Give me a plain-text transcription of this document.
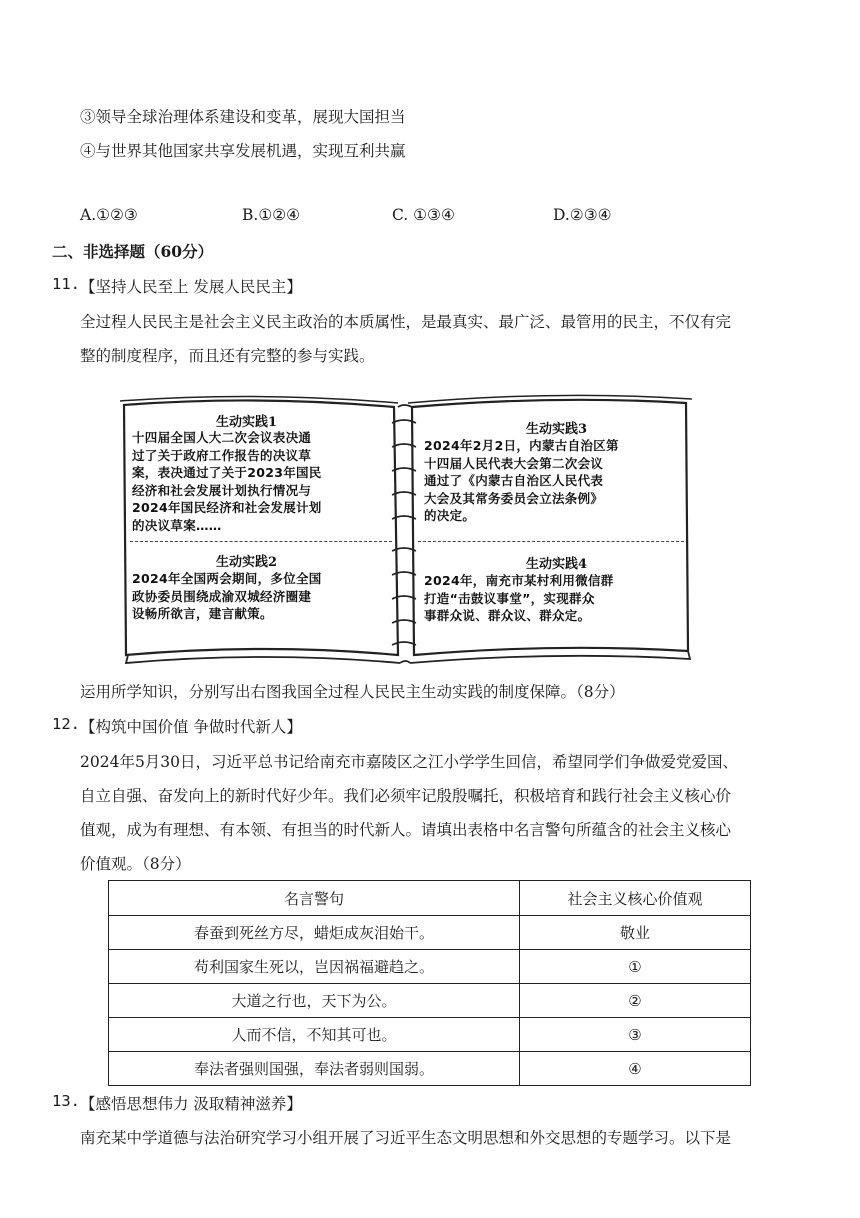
③领导全球治理体系建设和变革，展现大国担当
④与世界其他国家共享发展机遇，实现互利共赢
A.①②③	B.①②④	C. ①③④	D.②③④
二、非选择题（60分）
11. 【坚持人民至上 发展人民民主】
全过程人民民主是社会主义民主政治的本质属性，是最真实、最广泛、最管用的民主，不仅有完
整的制度程序，而且还有完整的参与实践。
生动实践1
十四届全国人大二次会议表决通
过了关于政府工作报告的决议草
案，表决通过了关于2023年国民
经济和社会发展计划执行情况与
2024年国民经济和社会发展计划
的决议草案……
生动实践2
2024年全国两会期间，多位全国
政协委员围绕成渝双城经济圈建
设畅所欲言，建言献策。
生动实践3
2024年2月2日，内蒙古自治区第
十四届人民代表大会第二次会议
通过了《内蒙古自治区人民代表
大会及其常务委员会立法条例》
的决定。
生动实践4
2024年，南充市某村利用微信群
打造“击鼓议事堂”，实现群众
事群众说、群众议、群众定。
运用所学知识，分别写出右图我国全过程人民民主生动实践的制度保障。（8分）
12. 【构筑中国价值 争做时代新人】
2024年5月30日，习近平总书记给南充市嘉陵区之江小学学生回信，希望同学们争做爱党爱国、
自立自强、奋发向上的新时代好少年。我们必须牢记殷殷嘱托，积极培育和践行社会主义核心价
值观，成为有理想、有本领、有担当的时代新人。请填出表格中名言警句所蕴含的社会主义核心
价值观。（8分）
名言警句	社会主义核心价值观
春蚕到死丝方尽，蜡炬成灰泪始干。	敬业
苟利国家生死以，岂因祸福避趋之。	①
大道之行也，天下为公。	②
人而不信，不知其可也。	③
奉法者强则国强，奉法者弱则国弱。	④
13. 【感悟思想伟力 汲取精神滋养】
南充某中学道德与法治研究学习小组开展了习近平生态文明思想和外交思想的专题学习。以下是
